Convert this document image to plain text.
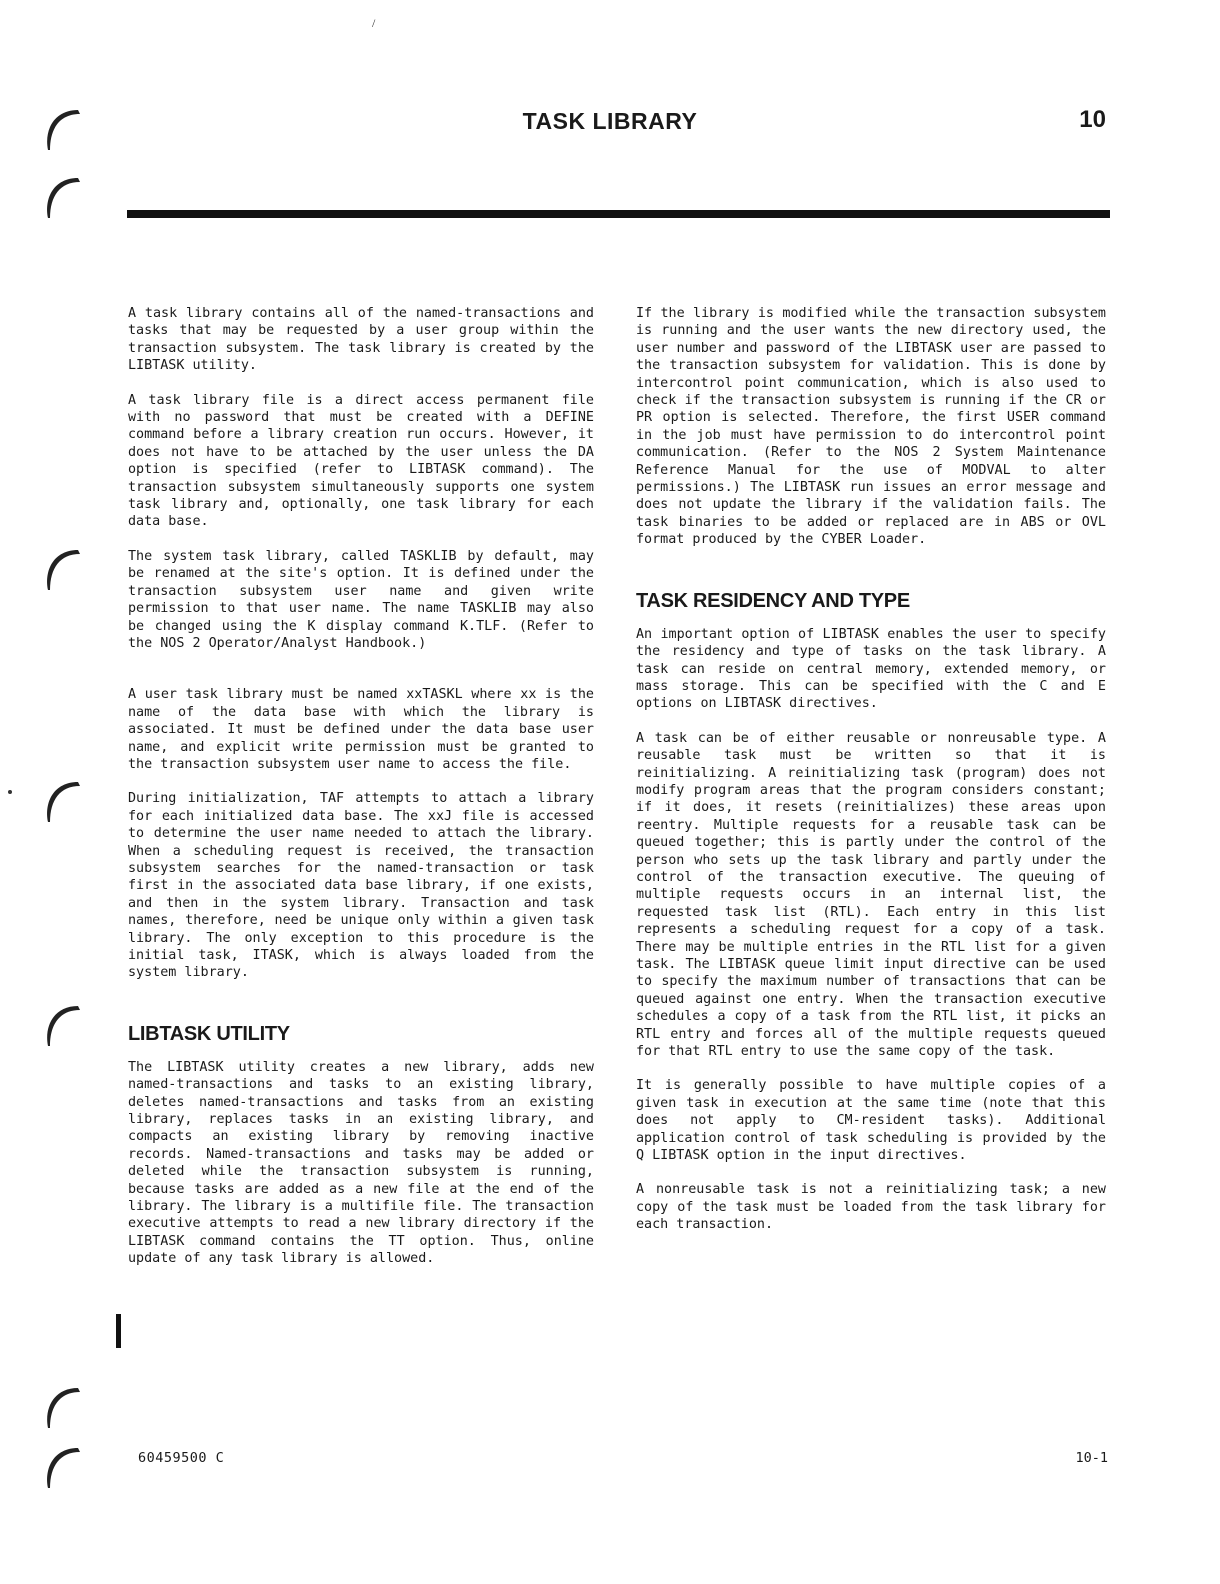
/
TASK LIBRARY	10

A task library contains all of the named-transactions and tasks that may be requested by a user group within the transaction subsystem. The task library is created by the LIBTASK utility.

A task library file is a direct access permanent file with no password that must be created with a DEFINE command before a library creation run occurs. However, it does not have to be attached by the user unless the DA option is specified (refer to LIBTASK command). The transaction subsystem simultaneously supports one system task library and, optionally, one task library for each data base.

The system task library, called TASKLIB by default, may be renamed at the site's option. It is defined under the transaction subsystem user name and given write permission to that user name. The name TASKLIB may also be changed using the K display command K.TLF. (Refer to the NOS 2 Operator/Analyst Handbook.)

A user task library must be named xxTASKL where xx is the name of the data base with which the library is associated. It must be defined under the data base user name, and explicit write permission must be granted to the transaction subsystem user name to access the file.

During initialization, TAF attempts to attach a library for each initialized data base. The xxJ file is accessed to determine the user name needed to attach the library. When a scheduling request is received, the transaction subsystem searches for the named-transaction or task first in the associated data base library, if one exists, and then in the system library. Transaction and task names, therefore, need be unique only within a given task library. The only exception to this procedure is the initial task, ITASK, which is always loaded from the system library.

LIBTASK UTILITY

The LIBTASK utility creates a new library, adds new named-transactions and tasks to an existing library, deletes named-transactions and tasks from an existing library, replaces tasks in an existing library, and compacts an existing library by removing inactive records. Named-transactions and tasks may be added or deleted while the transaction subsystem is running, because tasks are added as a new file at the end of the library. The library is a multifile file. The transaction executive attempts to read a new library directory if the LIBTASK command contains the TT option. Thus, online update of any task library is allowed.

If the library is modified while the transaction subsystem is running and the user wants the new directory used, the user number and password of the LIBTASK user are passed to the transaction subsystem for validation. This is done by intercontrol point communication, which is also used to check if the transaction subsystem is running if the CR or PR option is selected. Therefore, the first USER command in the job must have permission to do intercontrol point communication. (Refer to the NOS 2 System Maintenance Reference Manual for the use of MODVAL to alter permissions.) The LIBTASK run issues an error message and does not update the library if the validation fails. The task binaries to be added or replaced are in ABS or OVL format produced by the CYBER Loader.

TASK RESIDENCY AND TYPE

An important option of LIBTASK enables the user to specify the residency and type of tasks on the task library. A task can reside on central memory, extended memory, or mass storage. This can be specified with the C and E options on LIBTASK directives.

A task can be of either reusable or nonreusable type. A reusable task must be written so that it is reinitializing. A reinitializing task (program) does not modify program areas that the program considers constant; if it does, it resets (reinitializes) these areas upon reentry. Multiple requests for a reusable task can be queued together; this is partly under the control of the person who sets up the task library and partly under the control of the transaction executive. The queuing of multiple requests occurs in an internal list, the requested task list (RTL). Each entry in this list represents a scheduling request for a copy of a task. There may be multiple entries in the RTL list for a given task. The LIBTASK queue limit input directive can be used to specify the maximum number of transactions that can be queued against one entry. When the transaction executive schedules a copy of a task from the RTL list, it picks an RTL entry and forces all of the multiple requests queued for that RTL entry to use the same copy of the task.

It is generally possible to have multiple copies of a given task in execution at the same time (note that this does not apply to CM-resident tasks). Additional application control of task scheduling is provided by the Q LIBTASK option in the input directives.

A nonreusable task is not a reinitializing task; a new copy of the task must be loaded from the task library for each transaction.

60459500 C	10-1
